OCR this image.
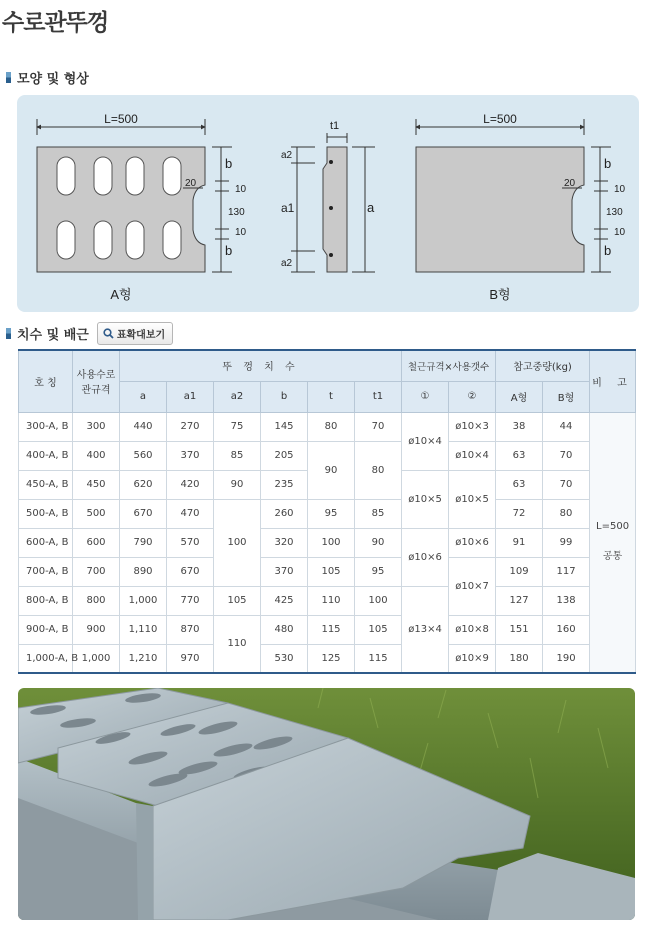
수로관뚜껑
모양 및 형상
L=500
20
b
10
130
10
b
A형
t1
a2
a1
a2
a
L=500
20
b
10
130
10
b
B형
치수 및 배근	표확대보기
호 칭	사용수로관규격	뚜 껑 치 수						철근규격×사용갯수		참고중량(kg)		비 고
		a	a1	a2	b	t	t1	①	②	A형	B형	
300-A, B	300	440	270	75	145	80	70	ø10×4	ø10×3	38	44	L=500
공통

400-A, B	400	560	370	85	205	90	80		ø10×4	63	70	
450-A, B	450	620	420	90	235			ø10×5	ø10×5	63	70	
500-A, B	500	670	470	100	260	95	85			72	80	
600-A, B	600	790	570		320	100	90	ø10×6	ø10×6	91	99	
700-A, B	700	890	670		370	105	95		ø10×7	109	117	
800-A, B	800	1,000	770	105	425	110	100	ø13×4		127	138	
900-A, B	900	1,110	870	110	480	115	105		ø10×8	151	160	
1,000-A, B	1,000	1,210	970		530	125	115		ø10×9	180	190	
